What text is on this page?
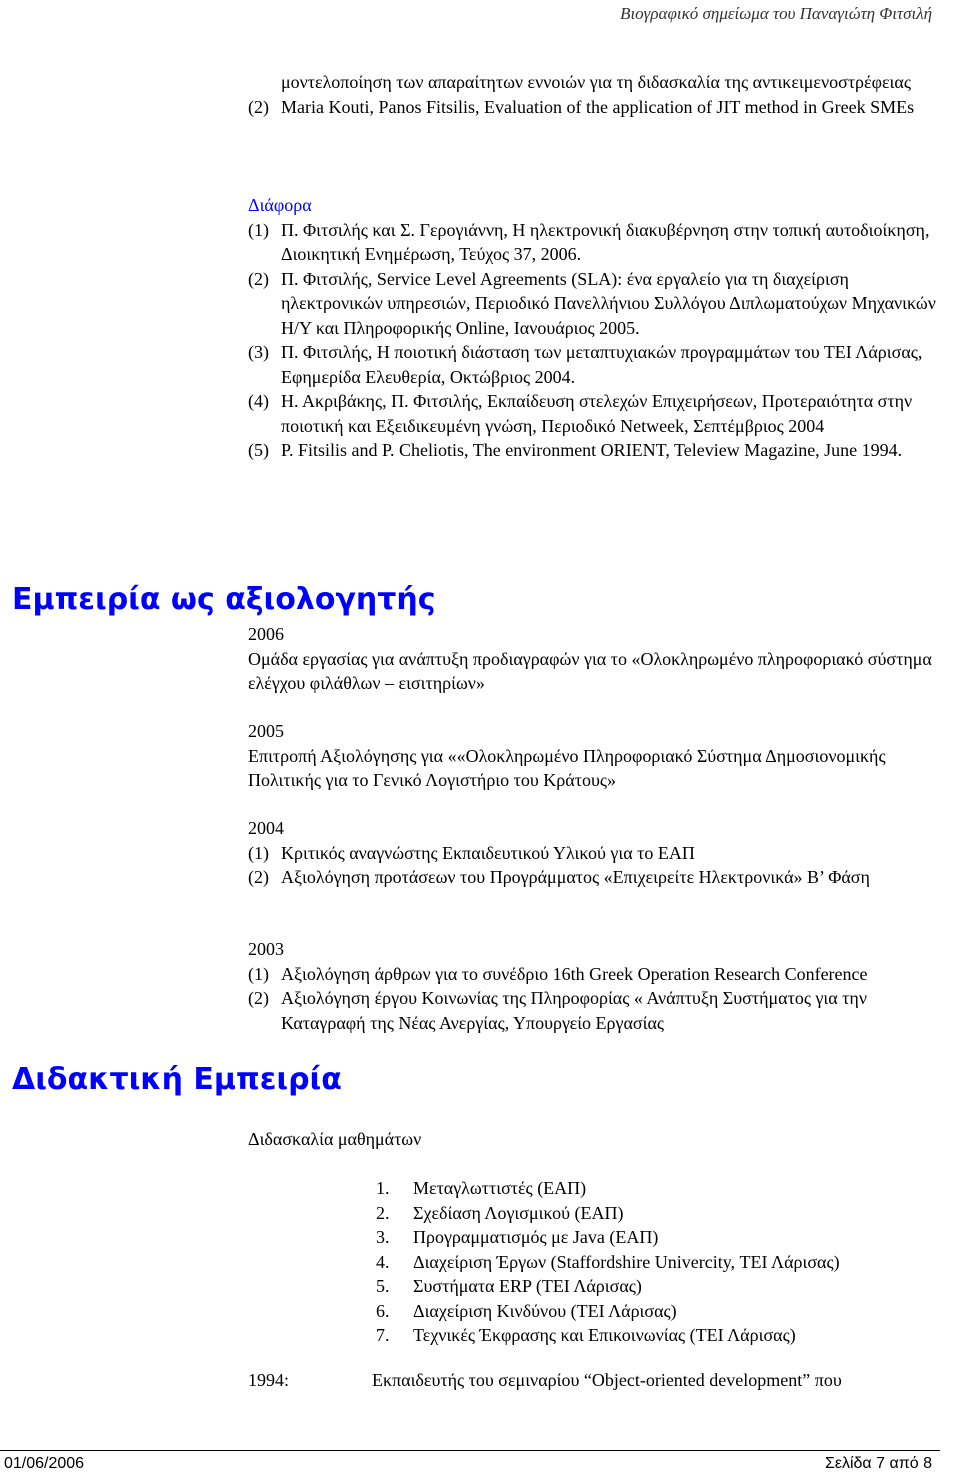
Βιογραφικό σημείωμα του Παναγιώτη Φιτσιλή
μοντελοποίηση των απαραίτητων εννοιών για τη διδασκαλία της αντικειμενοστρέφειας
(2) Maria Kouti, Panos Fitsilis, Evaluation of the application of JIT method in Greek SMEs
Διάφορα
(1) Π. Φιτσιλής και Σ. Γερογιάννη, Η ηλεκτρονική διακυβέρνηση στην τοπική αυτοδιοίκηση, Διοικητική Ενημέρωση, Τεύχος 37, 2006.
(2) Π. Φιτσιλής, Service Level Agreements (SLA): ένα εργαλείο για τη διαχείριση ηλεκτρονικών υπηρεσιών, Περιοδικό Πανελλήνιου Συλλόγου Διπλωματούχων Μηχανικών Η/Υ και Πληροφορικής Online, Ιανουάριος 2005.
(3) Π. Φιτσιλής, Η ποιοτική διάσταση των μεταπτυχιακών προγραμμάτων του ΤΕΙ Λάρισας, Εφημερίδα Ελευθερία, Οκτώβριος 2004.
(4) Η. Ακριβάκης, Π. Φιτσιλής, Εκπαίδευση στελεχών Επιχειρήσεων, Προτεραιότητα στην ποιοτική και Εξειδικευμένη γνώση, Περιοδικό Netweek, Σεπτέμβριος 2004
(5) P. Fitsilis and P. Cheliotis, The environment ORIENT, Teleview Magazine, June 1994.
Εμπειρία ως αξιολογητής
2006
Ομάδα εργασίας για ανάπτυξη προδιαγραφών για το «Ολοκληρωμένο πληροφοριακό σύστημα ελέγχου φιλάθλων – εισιτηρίων»
2005
Επιτροπή Αξιολόγησης για ««Ολοκληρωμένο Πληροφοριακό Σύστημα Δημοσιονομικής Πολιτικής για το Γενικό Λογιστήριο του Κράτους»
2004
(1) Κριτικός αναγνώστης Εκπαιδευτικού Υλικού για το ΕΑΠ
(2) Αξιολόγηση προτάσεων του Προγράμματος «Επιχειρείτε Ηλεκτρονικά» Β’ Φάση
2003
(1) Αξιολόγηση άρθρων για το συνέδριο 16th Greek Operation Research Conference
(2) Αξιολόγηση έργου Κοινωνίας της Πληροφορίας « Ανάπτυξη Συστήματος για την Καταγραφή της Νέας Ανεργίας, Υπουργείο Εργασίας
Διδακτική Εμπειρία
Διδασκαλία μαθημάτων
1.	Μεταγλωττιστές (ΕΑΠ)
2.	Σχεδίαση Λογισμικού (ΕΑΠ)
3.	Προγραμματισμός με Java (ΕΑΠ)
4.	Διαχείριση Έργων (Staffordshire Univercity, ΤΕΙ Λάρισας)
5.	Συστήματα ERP (ΤΕΙ Λάρισας)
6.	Διαχείριση Κινδύνου (ΤΕΙ Λάρισας)
7.	Τεχνικές Έκφρασης και Επικοινωνίας (ΤΕΙ Λάρισας)
1994:	Εκπαιδευτής του σεμιναρίου “Object-oriented development” που
01/06/2006	Σελίδα 7 από 8
